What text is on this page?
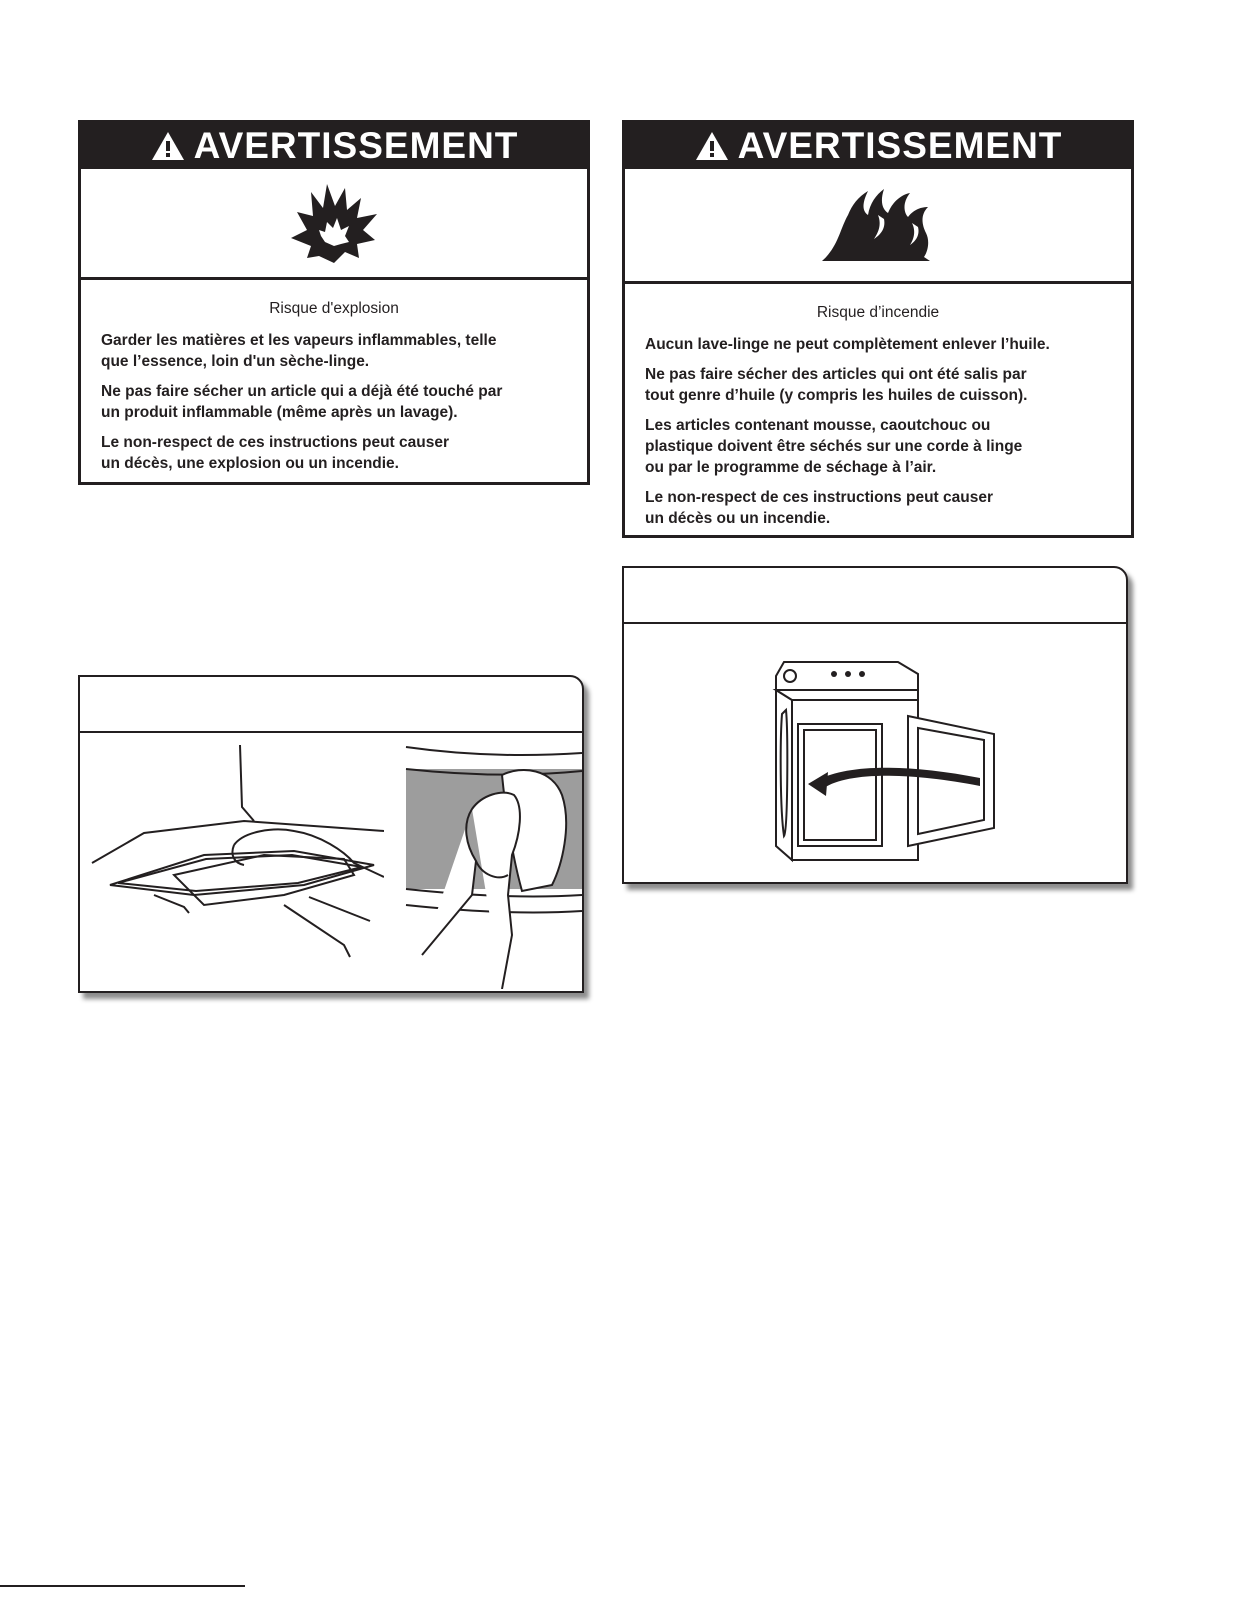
AVERTISSEMENT

Risque d'explosion

Garder les matières et les vapeurs inflammables, telle
que l’essence, loin d'un sèche-linge.

Ne pas faire sécher un article qui a déjà été touché par
un produit inflammable (même après un lavage).

Le non-respect de ces instructions peut causer
un décès, une explosion ou un incendie.

AVERTISSEMENT

Risque d’incendie

Aucun lave-linge ne peut complètement enlever l’huile.

Ne pas faire sécher des articles qui ont été salis par
tout genre d’huile (y compris les huiles de cuisson).

Les articles contenant mousse, caoutchouc ou
plastique doivent être séchés sur une corde à linge
ou par le programme de séchage à l’air.

Le non-respect de ces instructions peut causer
un décès ou un incendie.
